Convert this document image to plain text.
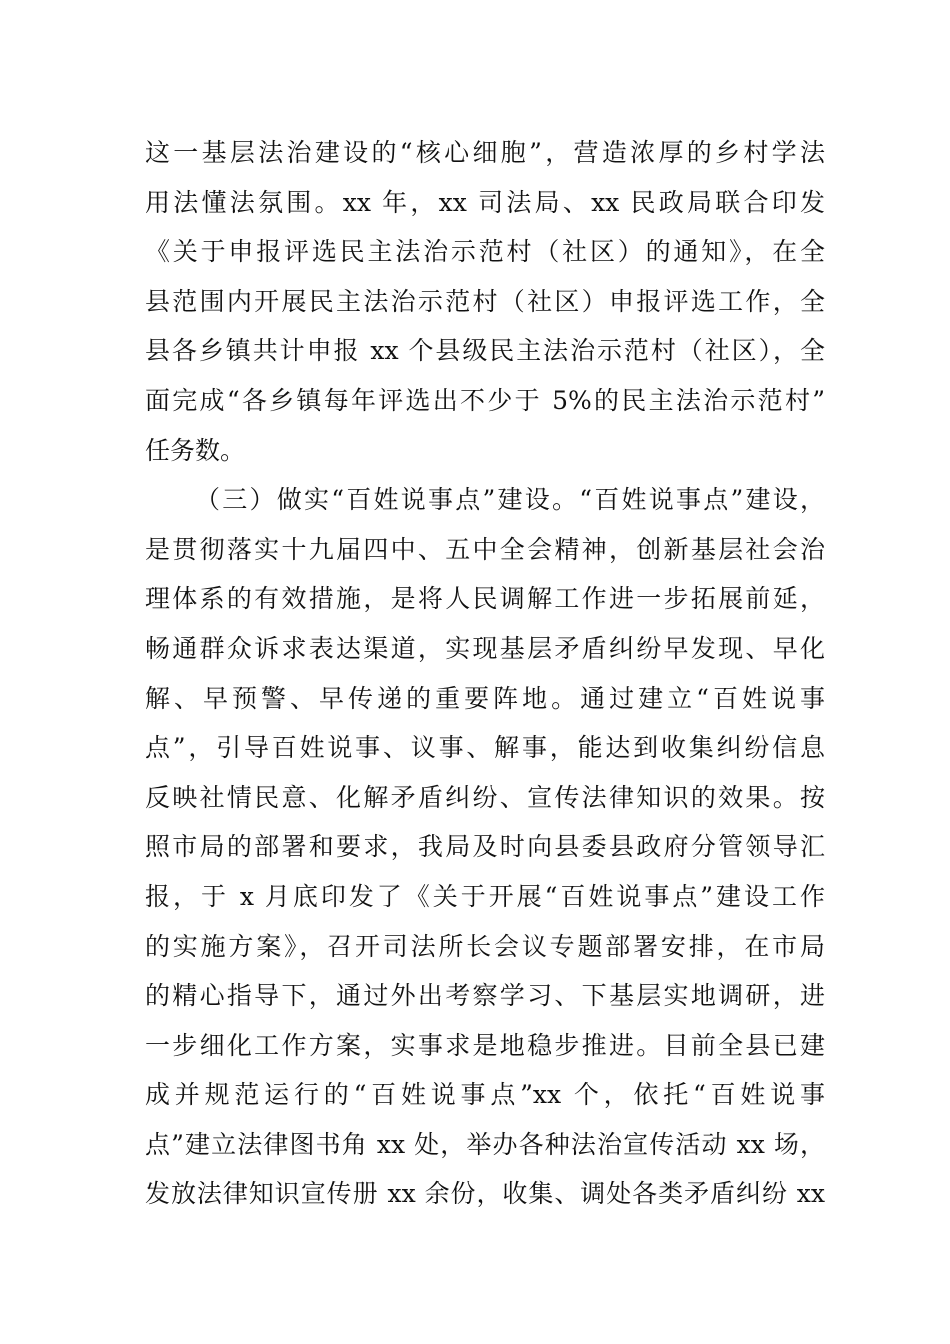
这一基层法治建设的“核心细胞”，营造浓厚的乡村学法
用法懂法氛围。xx 年，xx 司法局、xx 民政局联合印发
《关于申报评选民主法治示范村（社区）的通知》，在全
县范围内开展民主法治示范村（社区）申报评选工作，全
县各乡镇共计申报 xx 个县级民主法治示范村（社区），全
面完成“各乡镇每年评选出不少于 5%的民主法治示范村”
任务数。
（三）做实“百姓说事点”建设。“百姓说事点”建设，
是贯彻落实十九届四中、五中全会精神，创新基层社会治
理体系的有效措施，是将人民调解工作进一步拓展前延，
畅通群众诉求表达渠道，实现基层矛盾纠纷早发现、早化
解、早预警、早传递的重要阵地。通过建立“百姓说事
点”，引导百姓说事、议事、解事，能达到收集纠纷信息
反映社情民意、化解矛盾纠纷、宣传法律知识的效果。按
照市局的部署和要求，我局及时向县委县政府分管领导汇
报，于 x 月底印发了《关于开展“百姓说事点”建设工作
的实施方案》，召开司法所长会议专题部署安排，在市局
的精心指导下，通过外出考察学习、下基层实地调研，进
一步细化工作方案，实事求是地稳步推进。目前全县已建
成并规范运行的“百姓说事点”xx 个，依托“百姓说事
点”建立法律图书角 xx 处，举办各种法治宣传活动 xx 场，
发放法律知识宣传册 xx 余份，收集、调处各类矛盾纠纷 xx
